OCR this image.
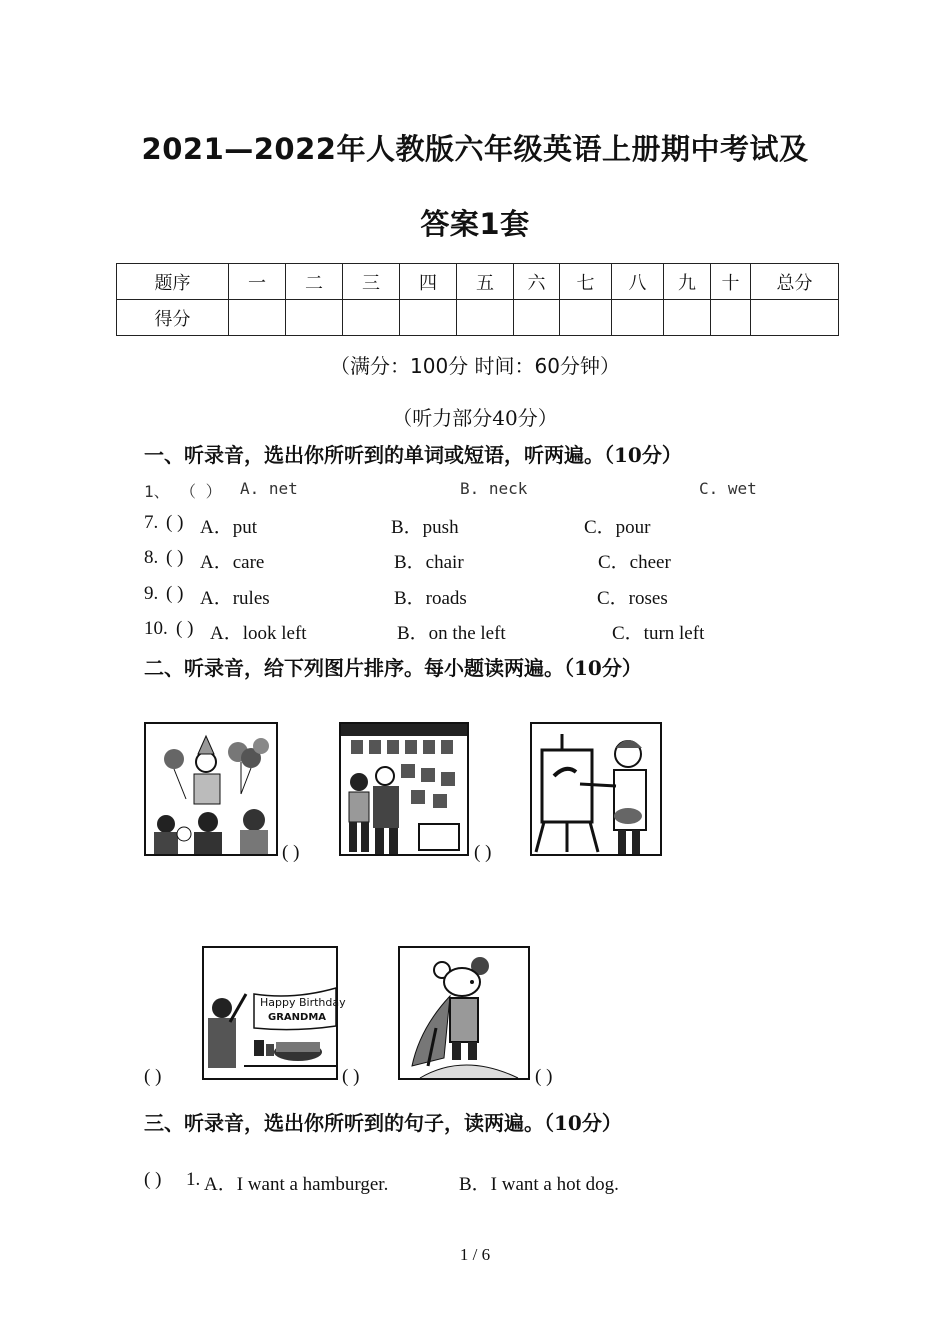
2021—2022年人教版六年级英语上册期中考试及
答案1套
题序	一	二	三	四	五	六	七	八	九	十	总分
得分											
（满分：100分 时间：60分钟）
（听力部分40分）
一、听录音，选出你所听到的单词或短语，听两遍。（10分）
1、 （ ） A. net	B. neck	C. wet
7. ( ) A．put	B．push	C．pour
8. ( ) A．care	B．chair	C．cheer
9. ( ) A．rules	B．roads	C．roses
10. ( ) A．look left	B．on the left	C．turn left
二、听录音，给下列图片排序。每小题读两遍。（10分）
( )	( )
Happy Birthday
GRANDMA
( )	( )	( )
三、听录音，选出你所听到的句子，读两遍。（10分）
( ) 1. A．I want a hamburger.	B．I want a hot dog.
1 / 6
